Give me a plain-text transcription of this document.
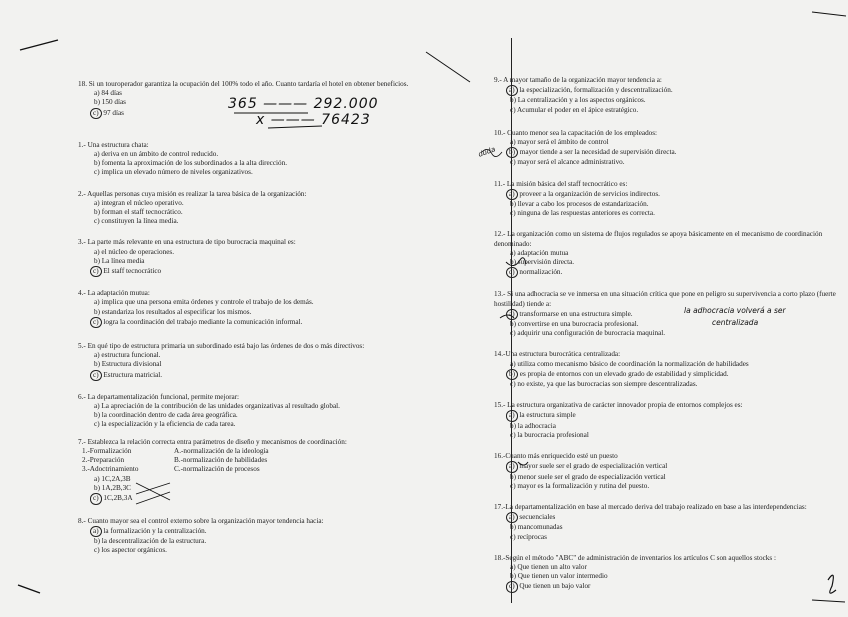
365 ——— 292.000
x ——— 76423
la adhocracia volverá a ser
centralizada
duda

18. Si un touroperador garantiza la ocupación del 100% todo el año. Cuanto tardaría el hotel en obtener beneficios.

a) 84 días
b) 150 días
c) 97 días

1.- Una estructura chata:

a) deriva en un ámbito de control reducido.
b) fomenta la aproximación de los subordinados a la alta dirección.
c) implica un elevado número de niveles organizativos.

2.- Aquellas personas cuya misión es realizar la tarea básica de la organización:

a) integran el núcleo operativo.
b) forman el staff tecnocrático.
c) constituyen la línea media.

3.- La parte más relevante en una estructura de tipo burocracia maquinal es:

a) el núcleo de operaciones.
b) La línea media
c) El staff tecnocrático

4.- La adaptación mutua:

a) implica que una persona emita órdenes y controle el trabajo de los demás.
b) estandariza los resultados al especificar los mismos.
c) logra la coordinación del trabajo mediante la comunicación informal.

5.- En qué tipo de estructura primaria un subordinado está bajo las órdenes de dos o más directivos:

a) estructura funcional.
b) Estructura divisional
c) Estructura matricial.

6.- La departamentalización funcional, permite mejorar:

a) La apreciación de la contribución de las unidades organizativas al resultado global.
b) la coordinación dentro de cada área geográfica.
c) la especialización y la eficiencia de cada tarea.

7.- Establezca la relación correcta entra parámetros de diseño y mecanismos de coordinación:

1.-Formalización
2.-Preparación
3.-Adoctrinamiento
A.-normalización de la ideología
B.-normalización de habilidades
C.-normalización de procesos
a) 1C,2A,3B
b) 1A,2B,3C
c) 1C,2B,3A

8.- Cuanto mayor sea el control externo sobre la organización mayor tendencia hacia:

a) la formalización y la centralización.
b) la descentralización de la estructura.
c) los aspector orgánicos.

9.- A mayor tamaño de la organización mayor tendencia a:

a) la especialización, formalización y descentralización.
b) La centralización y a los aspectos orgánicos.
c) Acumular el poder en el ápice estratégico.

10.- Cuanto menor sea la capacitación de los empleados:

a) mayor será el ámbito de control
b) mayor tiende a ser la necesidad de supervisión directa.
c) mayor será el alcance administrativo.

11.- La misión básica del staff tecnocrático es:

a) proveer a la organización de servicios indirectos.
b) llevar a cabo los procesos de estandarización.
c) ninguna de las respuestas anteriores es correcta.

12.- La organización como un sistema de flujos regulados se apoya básicamente en el mecanismo de coordinación denominado:

a) adaptación mutua
b) supervisión directa.
c) normalización.

13.- Si una adhocracia se ve inmersa en una situación crítica que pone en peligro su supervivencia a corto plazo (fuerte hostilidad) tiende a:

a) transformarse en una estructura simple.
b) convertirse en una burocracia profesional.
c) adquirir una configuración de burocracia maquinal.

14.-Una estructura burocrática centralizada:

a) utiliza como mecanismo básico de coordinación la normalización de habilidades
b) es propia de entornos con un elevado grado de estabilidad y simplicidad.
c) no existe, ya que las burocracias son siempre descentralizadas.

15.- La estructura organizativa de carácter innovador propia de entornos complejos es:

a) la estructura simple
b) la adhocracia
c) la burocracia profesional

16.-Cuanto más enriquecido esté un puesto

a) mayor suele ser el grado de especialización vertical
b) menor suele ser el grado de especialización vertical
c) mayor es la formalización y rutina del puesto.

17.-La departamentalización en base al mercado deriva del trabajo realizado en base a las interdependencias:

a) secuenciales
b) mancomunadas
c) recíprocas

18.-Según el método "ABC" de administración de inventarios los artículos C son aquellos stocks :

a) Que tienen un alto valor
b) Que tienen un valor intermedio
c) Que tienen un bajo valor
